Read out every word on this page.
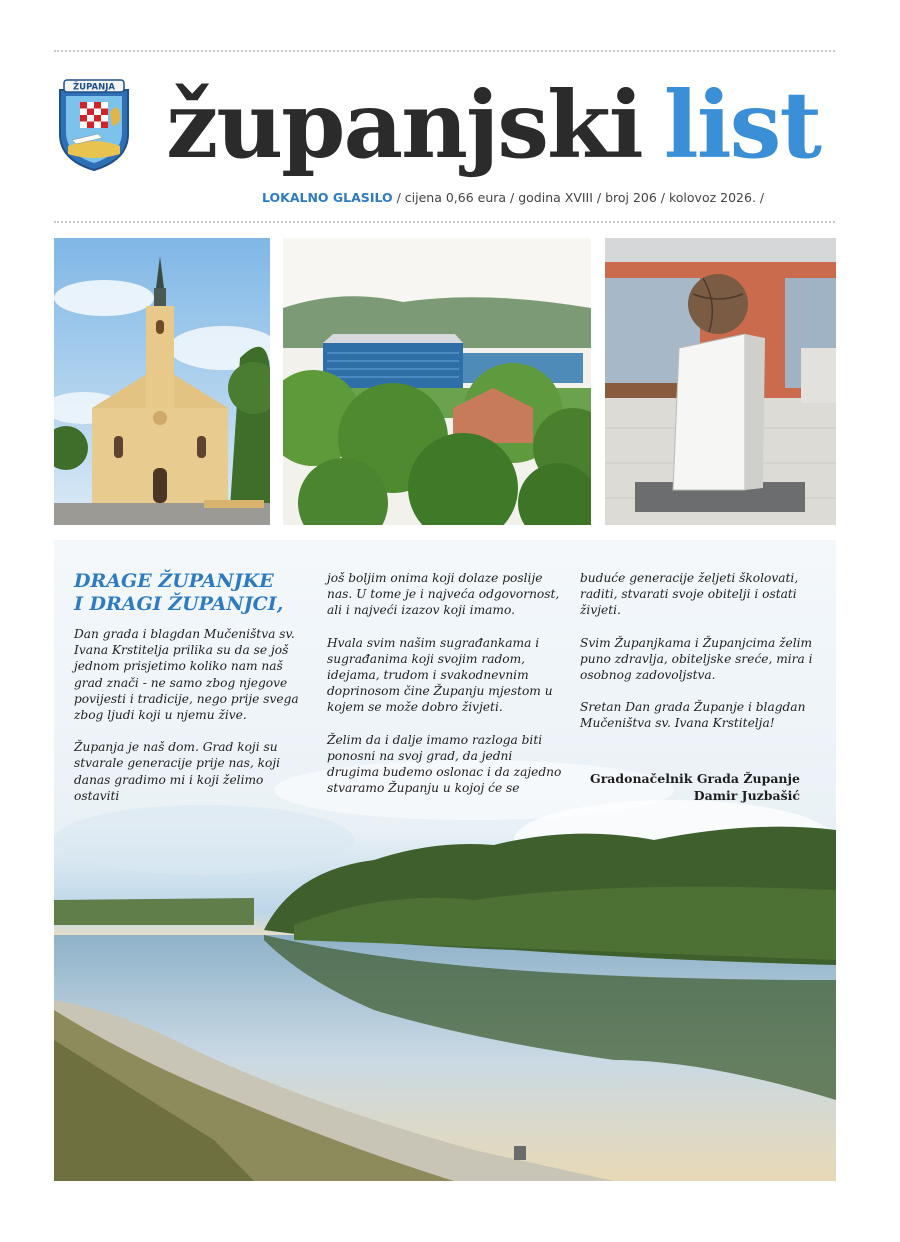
ŽUPANJA županjski list
LOKALNO GLASILO / cijena 0,66 eura / godina XVIII / broj 206 / kolovoz 2026. /
DRAGE ŽUPANJKE
I DRAGI ŽUPANJCI,

Dan grada i blagdan Mučeništva sv. Ivana Krstitelja prilika su da se još jednom prisjetimo koliko nam naš grad znači - ne samo zbog njegove povijesti i tradicije, nego prije svega zbog ljudi koji u njemu žive.

Županja je naš dom. Grad koji su stvarale generacije prije nas, koji danas gradimo mi i koji želimo ostaviti

još boljim onima koji dolaze poslije nas. U tome je i najveća odgovornost, ali i najveći izazov koji imamo.

Hvala svim našim sugrađankama i sugrađanima koji svojim radom, idejama, trudom i svakodnevnim doprinosom čine Županju mjestom u kojem se može dobro živjeti.

Želim da i dalje imamo razloga biti ponosni na svoj grad, da jedni drugima budemo oslonac i da zajedno stvaramo Županju u kojoj će se

buduće generacije željeti školovati, raditi, stvarati svoje obitelji i ostati živjeti.

Svim Županjkama i Županjcima želim puno zdravlja, obiteljske sreće, mira i osobnog zadovoljstva.

Sretan Dan grada Županje i blagdan Mučeništva sv. Ivana Krstitelja!

Gradonačelnik Grada Županje
Damir Juzbašić
